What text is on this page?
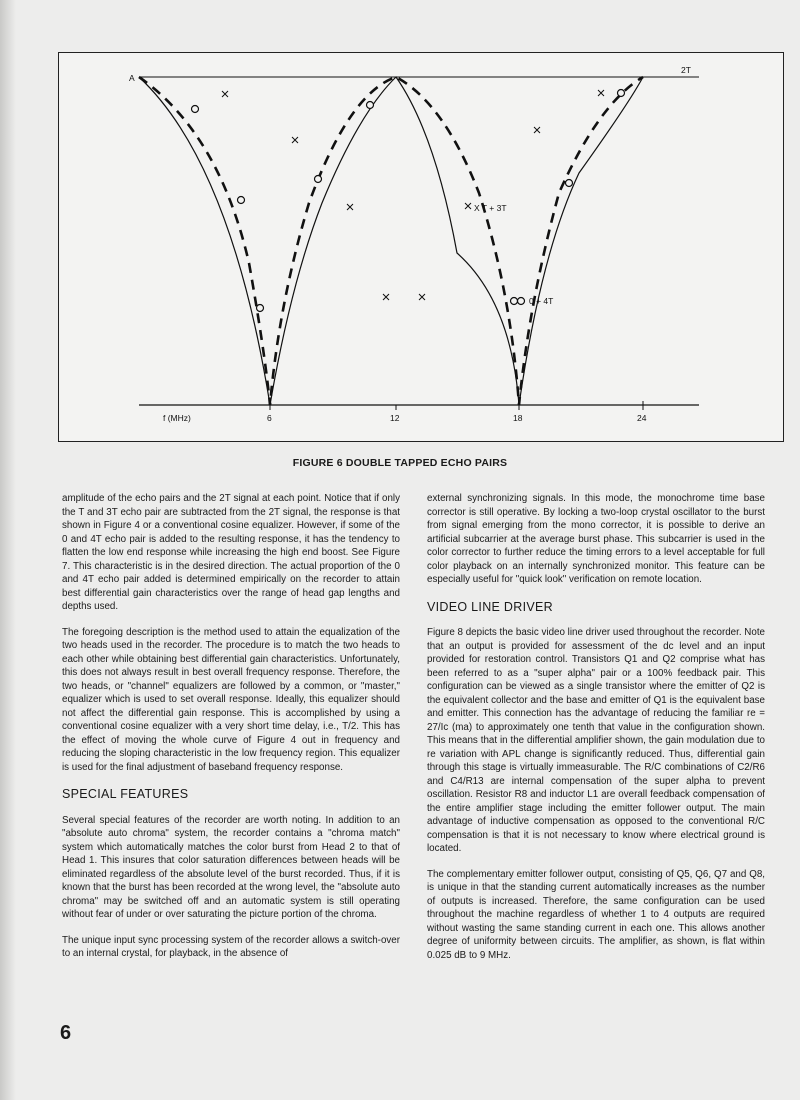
A
2T
X T + 3T
0 + 4T
f (MHz)	6	12	18	24
FIGURE 6 DOUBLE TAPPED ECHO PAIRS

amplitude of the echo pairs and the 2T signal at each point. Notice that if only the T and 3T echo pair are subtracted from the 2T signal, the response is that shown in Figure 4 or a conventional cosine equalizer. However, if some of the 0 and 4T echo pair is added to the resulting response, it has the tendency to flatten the low end response while increasing the high end boost. See Figure 7. This characteristic is in the desired direction. The actual proportion of the 0 and 4T echo pair added is determined empirically on the recorder to attain best differential gain characteristics over the range of head gap lengths and depths used.

The foregoing description is the method used to attain the equalization of the two heads used in the recorder. The procedure is to match the two heads to each other while obtaining best differential gain characteristics. Unfortunately, this does not always result in best overall frequency response. Therefore, the two heads, or "channel" equalizers are followed by a common, or "master," equalizer which is used to set overall response. Ideally, this equalizer should not affect the differential gain response. This is accomplished by using a conventional cosine equalizer with a very short time delay, i.e., T/2. This has the effect of moving the whole curve of Figure 4 out in frequency and reducing the sloping characteristic in the low frequency region. This equalizer is used for the final adjustment of baseband frequency response.

SPECIAL FEATURES

Several special features of the recorder are worth noting. In addition to an "absolute auto chroma" system, the recorder contains a "chroma match" system which automatically matches the color burst from Head 2 to that of Head 1. This insures that color saturation differences between heads will be eliminated regardless of the absolute level of the burst recorded. Thus, if it is known that the burst has been recorded at the wrong level, the "absolute auto chroma" may be switched off and an automatic system is still operating without fear of under or over saturating the picture portion of the chroma.

The unique input sync processing system of the recorder allows a switch-over to an internal crystal, for playback, in the absence of

external synchronizing signals. In this mode, the monochrome time base corrector is still operative. By locking a two-loop crystal oscillator to the burst from signal emerging from the mono corrector, it is possible to derive an artificial subcarrier at the average burst phase. This subcarrier is used in the color corrector to further reduce the timing errors to a level acceptable for full color playback on an internally synchronized monitor. This feature can be especially useful for "quick look" verification on remote location.

VIDEO LINE DRIVER

Figure 8 depicts the basic video line driver used throughout the recorder. Note that an output is provided for assessment of the dc level and an input provided for restoration control. Transistors Q1 and Q2 comprise what has been referred to as a "super alpha" pair or a 100% feedback pair. This configuration can be viewed as a single transistor where the emitter of Q2 is the equivalent collector and the base and emitter of Q1 is the equivalent base and emitter. This connection has the advantage of reducing the familiar re = 27/Ic (ma) to approximately one tenth that value in the configuration shown. This means that in the differential amplifier shown, the gain modulation due to re variation with APL change is significantly reduced. Thus, differential gain through this stage is virtually immeasurable. The R/C combinations of C2/R6 and C4/R13 are internal compensation of the super alpha to prevent oscillation. Resistor R8 and inductor L1 are overall feedback compensation of the entire amplifier stage including the emitter follower output. The main advantage of inductive compensation as opposed to the conventional R/C compensation is that it is not necessary to know where electrical ground is located.

The complementary emitter follower output, consisting of Q5, Q6, Q7 and Q8, is unique in that the standing current automatically increases as the number of outputs is increased. Therefore, the same configuration can be used throughout the machine regardless of whether 1 to 4 outputs are required without wasting the same standing current in each one. This allows another degree of uniformity between circuits. The amplifier, as shown, is flat within 0.025 dB to 9 MHz.

6
